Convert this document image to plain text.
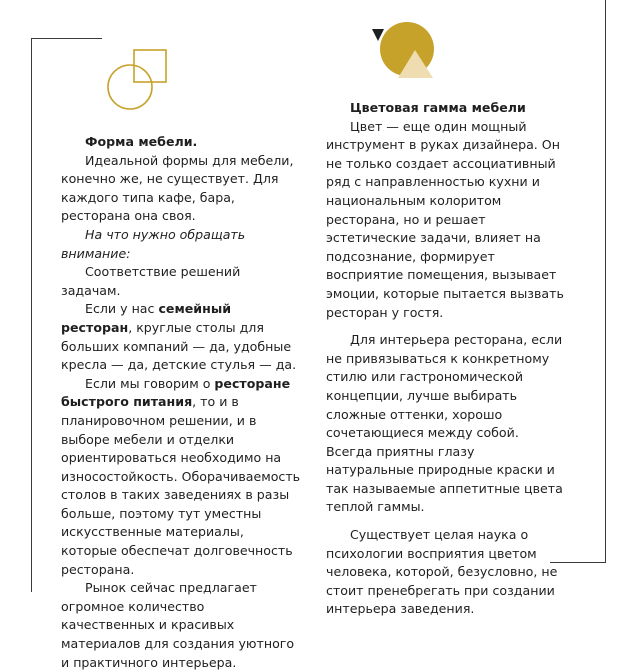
Форма мебели.

Идеальной формы для мебели, конечно же, не существует. Для каждого типа кафе, бара, ресторана она своя.

На что нужно обращать внимание:

Соответствие решений задачам.

Если у нас семейный ресторан, круглые столы для больших компаний — да, удобные кресла — да, детские стулья — да.

Если мы говорим о ресторане быстрого питания, то и в планировочном решении, и в выборе мебели и отделки ориентироваться необходимо на износостойкость. Оборачиваемость столов в таких заведениях в разы больше, поэтому тут уместны искусственные материалы, которые обеспечат долговечность ресторана.

Рынок сейчас предлагает огромное количество качественных и красивых материалов для создания уютного и практичного интерьера.

Цветовая гамма мебели

Цвет — еще один мощный инструмент в руках дизайнера. Он не только создает ассоциативный ряд с направленностью кухни и национальным колоритом ресторана, но и решает эстетические задачи, влияет на подсознание, формирует восприятие помещения, вызывает эмоции, которые пытается вызвать ресторан у гостя.

Для интерьера ресторана, если не привязываться к конкретному стилю или гастрономической концепции, лучше выбирать сложные оттенки, хорошо сочетающиеся между собой. Всегда приятны глазу натуральные природные краски и так называемые аппетитные цвета теплой гаммы.

Существует целая наука о психологии восприятия цветом человека, которой, безусловно, не стоит пренебрегать при создании интерьера заведения.
